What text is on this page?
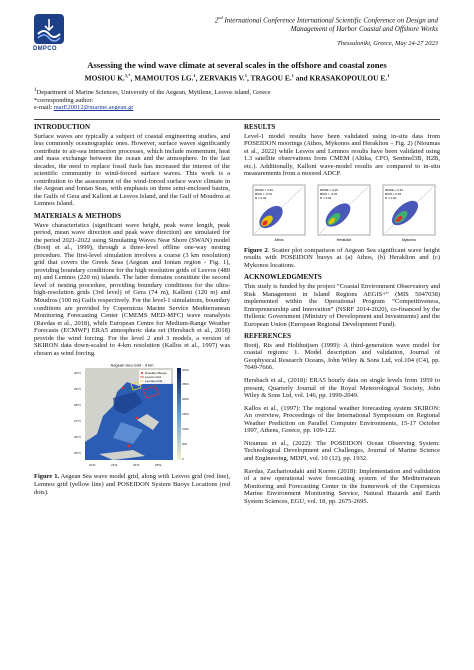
DMPCO
2nd International Conference International Scientific Conference on Design and Management of Harbor Coastal and Offshore Works
Thessaloniki, Greece, May 24-27 2023
Assessing the wind wave climate at several scales in the offshore and coastal zones
MOSIOU K.$^{1,*}$, MAMOUTOS I.G.$^1$, ZERVAKIS V.$^1$, TRAGOU E.$^1$ and KRASAKOPOULOU E.$^1$
$^1$Department of Marine Sciences, University of the Aegean, Mytilene, Lesvos island, Greece
*corresponding author:
e-mail: marE20012@marine.aegean.gr
INTRODUCTION

Surface waves are typically a subject of coastal engineering studies, and less commonly oceanographic ones. However, surface waves significantly contribute to air-sea interaction processes, which include momentum, heat and mass exchange between the ocean and the atmosphere. In the last decades, the need to replace fossil fuels has increased the interest of the scientific community to wind-forced surface waves. This work is a contribution to the assessment of the wind-forced surface wave climate in the Aegean and Ionian Seas, with emphasis on three semi-enclosed basins, the Gulfs of Gera and Kalloni at Lesvos Island, and the Gulf of Moudros at Lemnos Island.

MATERIALS & METHODS

Wave characteristics (significant wave height, peak wave length, peak period, mean wave direction and peak wave direction) are simulated for the period 2021-2022 using Simulating Waves Near Shore (SWAN) model (Booij et al., 1999), through a three-level offline one-way nesting procedure. The first-level simulation involves a coarse (3 km resolution) grid that covers the Greek Seas (Aegean and Ionian region - Fig. 1), providing boundary conditions for the high resolution grids of Lesvos (480 m) and Lemnos (220 m) islands. The latter domains constitute the second level of nesting procedure, providing boundary conditions for the ultra-high-resolution grids (3rd level) of Gera (74 m), Kalloni (120 m) and Moudros (100 m) Gulfs respectively. For the level-1 simulations, boundary conditions are provided by Copernicus Marine Service Mediterranean Monitoring Forecasting Center (CMEMS MED-MFC) wave reanalysis (Ravdas et al., 2018), while European Centre for Medium-Range Weather Forecasts (ECMWF) ERA5 atmospheric data set (Hersbach et al., 2018) provide the wind forcing. For the level 2 and 3 models, a version of SKIRON data down-scaled to 4-km resolution (Kallos et al., 1997) was chosen as wind forcing.

Aegean Sea Grid - 3 km
Poseidon Buoys
Lesvos Grid
Lemnos Grid
40°N
39°N
38°N
37°N
36°N
35°N
22°E	24°E	26°E	28°E
0
500
1000
1500
2000
2500
3000

Figure 1. Aegean Sea wave model grid, along with Lesvos grid (red line), Lemnos grid (yellow line) and POSEIDON System Buoys Locations (red dots).

RESULTS

Level-1 model results have been validated using in-situ data from POSEIDON moorings (Athos, Mykonos and Heraklion – Fig. 2) (Ntoumas et al., 2022) while Lesvos and Lemnos results have been validated using 1.3 satellite observations from CMEM (Altika, CFO, Sentinel3B, H2B, etc.). Additionally, Kalloni wave-model results are compared to in-situ measurements from a moored ADCP.

RMSE = 0.29
BIAS = -0.01
R = 0.92
Athos
RMSE = 0.29
BIAS = -0.04
R = 0.94
Heraklion
RMSE = 0.33
BIAS = 0.03
R = 0.91
Mykonos

Figure 2. Scatter plot comparison of Aegean Sea significant wave height results with POSEIDON buoys at (a) Athos, (b) Heraklion and (c) Mykonos locations.

ACKNOWLEDGMENTS

This study is funded by the project “Coastal Environment Observatory and Risk Management in Island Regions AEGIS+” (MIS 5047038) implemented within the Operational Program “Competitiveness, Entrepreneurship and Innovation” (NSRF 2014-2020), co-financed by the Hellenic Government (Ministry of Development and Investments) and the European Union (European Regional Development Fund).

REFERENCES

Booij, Ris and Holthuijsen (1999): A third-generation wave model for coastal regions: 1. Model description and validation, Journal of Geophysical Research Oceans, John Wiley & Sons Ltd, vol.104 (C4), pp. 7649-7666.

Hersbach et al., (2018): ERA5 hourly data on single levels from 1959 to present, Quarterly Journal of the Royal Meteorological Society, John Wiley & Sons Ltd, vol. 146, pp. 1999-2049.

Kallos et al., (1997): The regional weather forecasting system SKIRON: An overview, Proceedings of the International Symposium on Regional Weather Prediction on Parallel Computer Environments, 15-17 October 1997, Athens, Greece, pp. 109-122.

Ntoumas et al., (2022): The POSEIDON Ocean Observing System: Technological Development and Challenges, Journal of Marine Science and Engineering, MDPI, vol. 10 (12), pp. 1932.

Ravdas, Zacharioudaki and Korres (2018): Implementation and validation of a new operational wave forecasting system of the Mediterranean Monitoring and Forecasting Center in the framework of the Copernicus Marine Environment Monitoring Service, Natural Hazards and Earth System Sciences, EGU, vol. 18, pp. 2675-2695.
